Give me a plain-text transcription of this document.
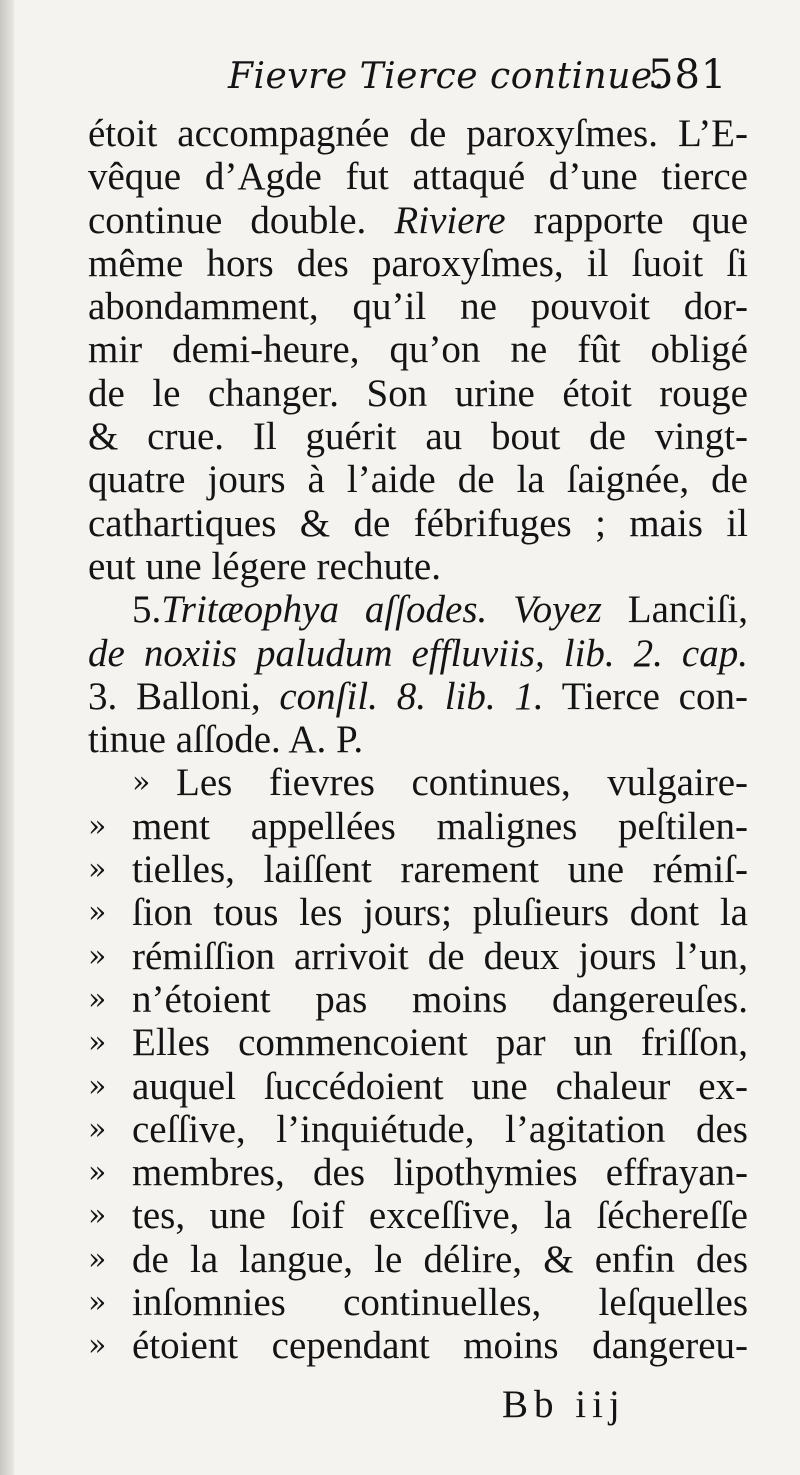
Fievre Tierce continue.
581
étoit accompagnée de paroxyſmes. L’E-
vêque d’Agde fut attaqué d’une tierce
continue double. Riviere rapporte que
même hors des paroxyſmes, il ſuoit ſi
abondamment, qu’il ne pouvoit dor-
mir demi-heure, qu’on ne fût obligé
de le changer. Son urine étoit rouge
& crue. Il guérit au bout de vingt-
quatre jours à l’aide de la ſaignée, de
cathartiques & de fébrifuges ; mais il
eut une légere rechute.
5.Tritæophya aſſodes. Voyez Lanciſi,
de noxiis paludum effluviis, lib. 2. cap.
3. Balloni, conſil. 8. lib. 1. Tierce con-
tinue aſſode. A. P.
» Les fievres continues, vulgaire-
» ment appellées malignes peſtilen-
» tielles, laiſſent rarement une rémiſ-
» ſion tous les jours; pluſieurs dont la
» rémiſſion arrivoit de deux jours l’un,
» n’étoient pas moins dangereuſes.
» Elles commencoient par un friſſon,
» auquel ſuccédoient une chaleur ex-
» ceſſive, l’inquiétude, l’agitation des
» membres, des lipothymies effrayan-
» tes, une ſoif exceſſive, la ſéchereſſe
» de la langue, le délire, & enfin des
» inſomnies continuelles, leſquelles
» étoient cependant moins dangereu-
Bb iij
